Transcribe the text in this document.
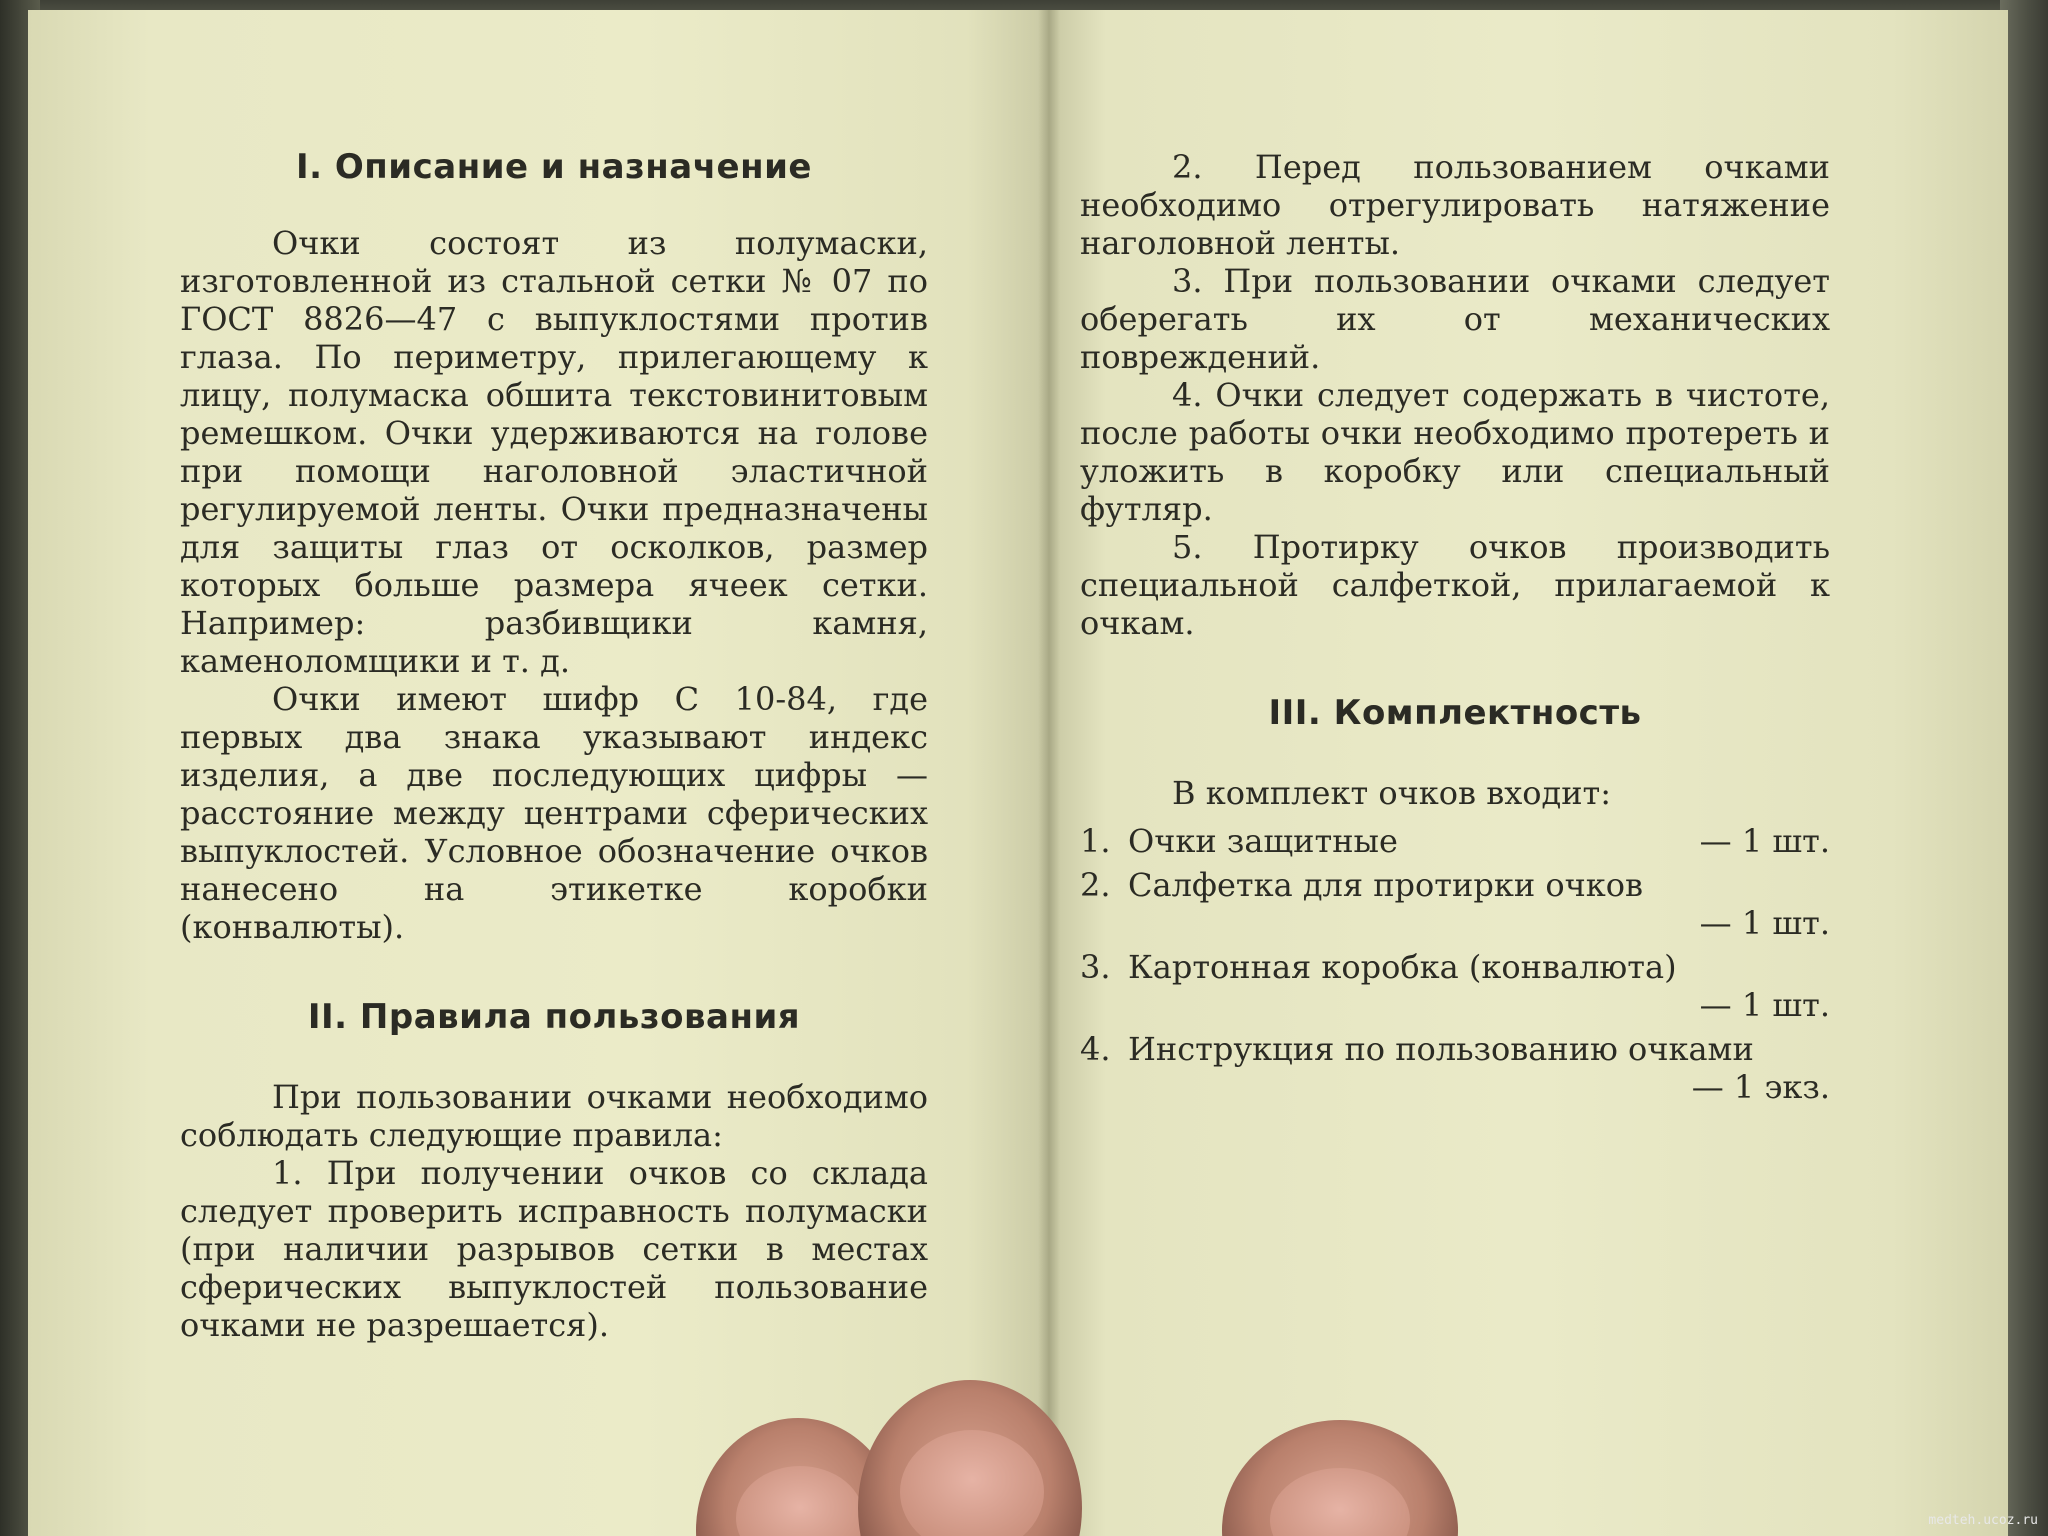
I. Описание и назначение

Очки состоят из полумаски, изготовленной из стальной сетки № 07 по ГОСТ 8826—47 с выпуклостями против глаза. По периметру, прилегающему к лицу, полумаска обшита текстовинитовым ремешком. Очки удерживаются на голове при помощи наголовной эластичной регулируемой ленты. Очки предназначены для защиты глаз от осколков, размер которых больше размера ячеек сетки. Например: разбивщики камня, каменоломщики и т. д.

Очки имеют шифр С 10-84, где первых два знака указывают индекс изделия, а две последующих цифры — расстояние между центрами сферических выпуклостей. Условное обозначение очков нанесено на этикетке коробки (конвалюты).

II. Правила пользования

При пользовании очками необходимо соблюдать следующие правила:

1. При получении очков со склада следует проверить исправность полумаски (при наличии разрывов сетки в местах сферических выпуклостей пользование очками не разрешается).

2. Перед пользованием очками необходимо отрегулировать натяжение наголовной ленты.

3. При пользовании очками следует оберегать их от механических повреждений.

4. Очки следует содержать в чистоте, после работы очки необходимо протереть и уложить в коробку или специальный футляр.

5. Протирку очков производить специальной салфеткой, прилагаемой к очкам.

III. Комплектность

В комплект очков входит:

1. Очки защитные	— 1 шт.
2. Салфетка для протирки очков
— 1 шт.
3. Картонная коробка (конвалюта)
— 1 шт.
4. Инструкция по пользованию очками
— 1 экз.
medteh.ucoz.ru
